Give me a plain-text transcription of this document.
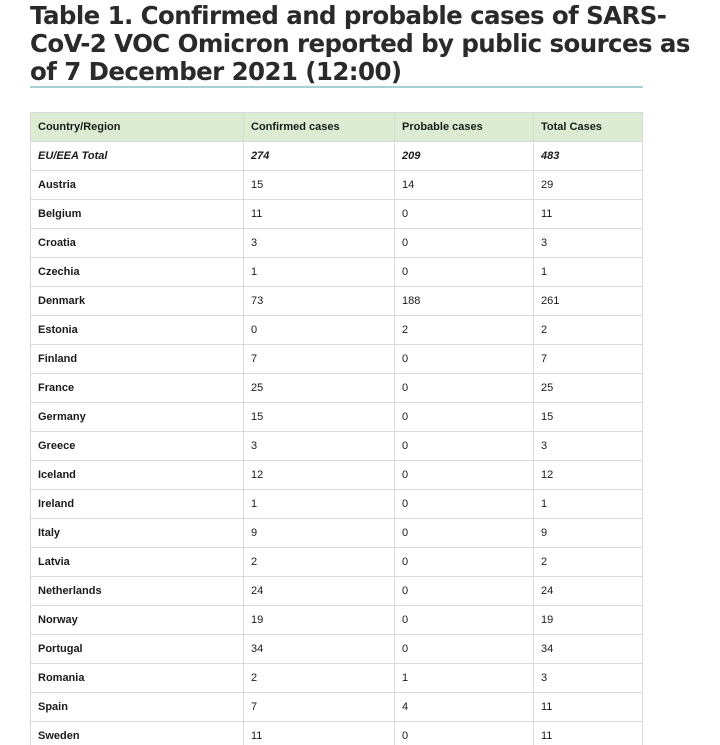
Table 1. Confirmed and probable cases of SARS-CoV-2 VOC Omicron reported by public sources as of 7 December 2021 (12:00)
Country/Region	Confirmed cases	Probable cases	Total Cases
EU/EEA Total	274	209	483
Austria	15	14	29
Belgium	11	0	11
Croatia	3	0	3
Czechia	1	0	1
Denmark	73	188	261
Estonia	0	2	2
Finland	7	0	7
France	25	0	25
Germany	15	0	15
Greece	3	0	3
Iceland	12	0	12
Ireland	1	0	1
Italy	9	0	9
Latvia	2	0	2
Netherlands	24	0	24
Norway	19	0	19
Portugal	34	0	34
Romania	2	1	3
Spain	7	4	11
Sweden	11	0	11
